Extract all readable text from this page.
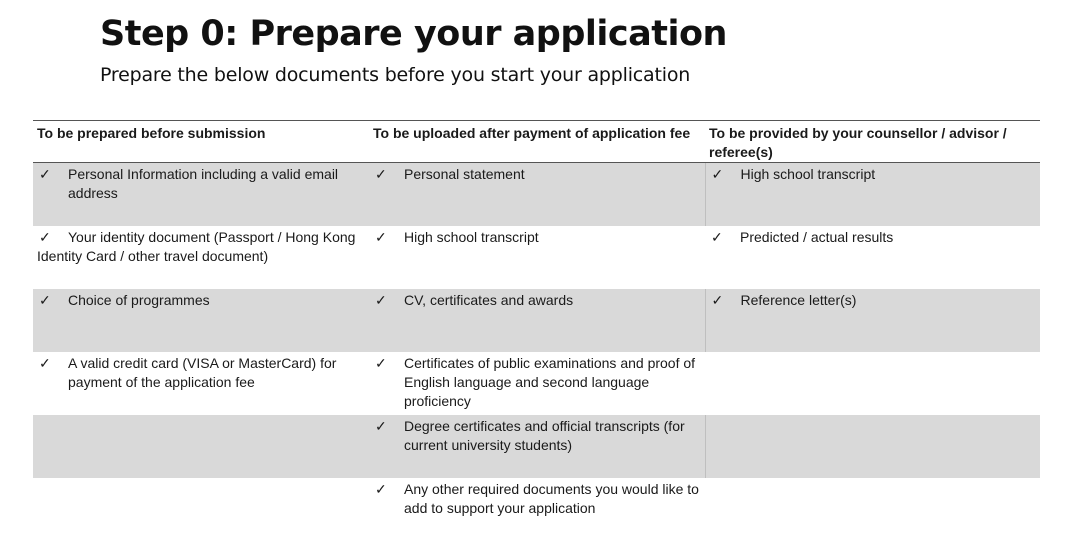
Step 0: Prepare your application
Prepare the below documents before you start your application
To be prepared before submission	To be uploaded after payment of application fee	To be provided by your counsellor / advisor / referee(s)

✓ Personal Information including a valid email address	✓ Personal statement	✓ High school transcript

✓ Your identity document (Passport / Hong Kong Identity Card / other travel document)	✓ High school transcript	✓ Predicted / actual results

✓ Choice of programmes	✓ CV, certificates and awards	✓ Reference letter(s)

✓ A valid credit card (VISA or MasterCard) for payment of the application fee	✓ Certificates of public examinations and proof of English language and second language proficiency	

	✓ Degree certificates and official transcripts (for current university students)	

	✓ Any other required documents you would like to add to support your application	
